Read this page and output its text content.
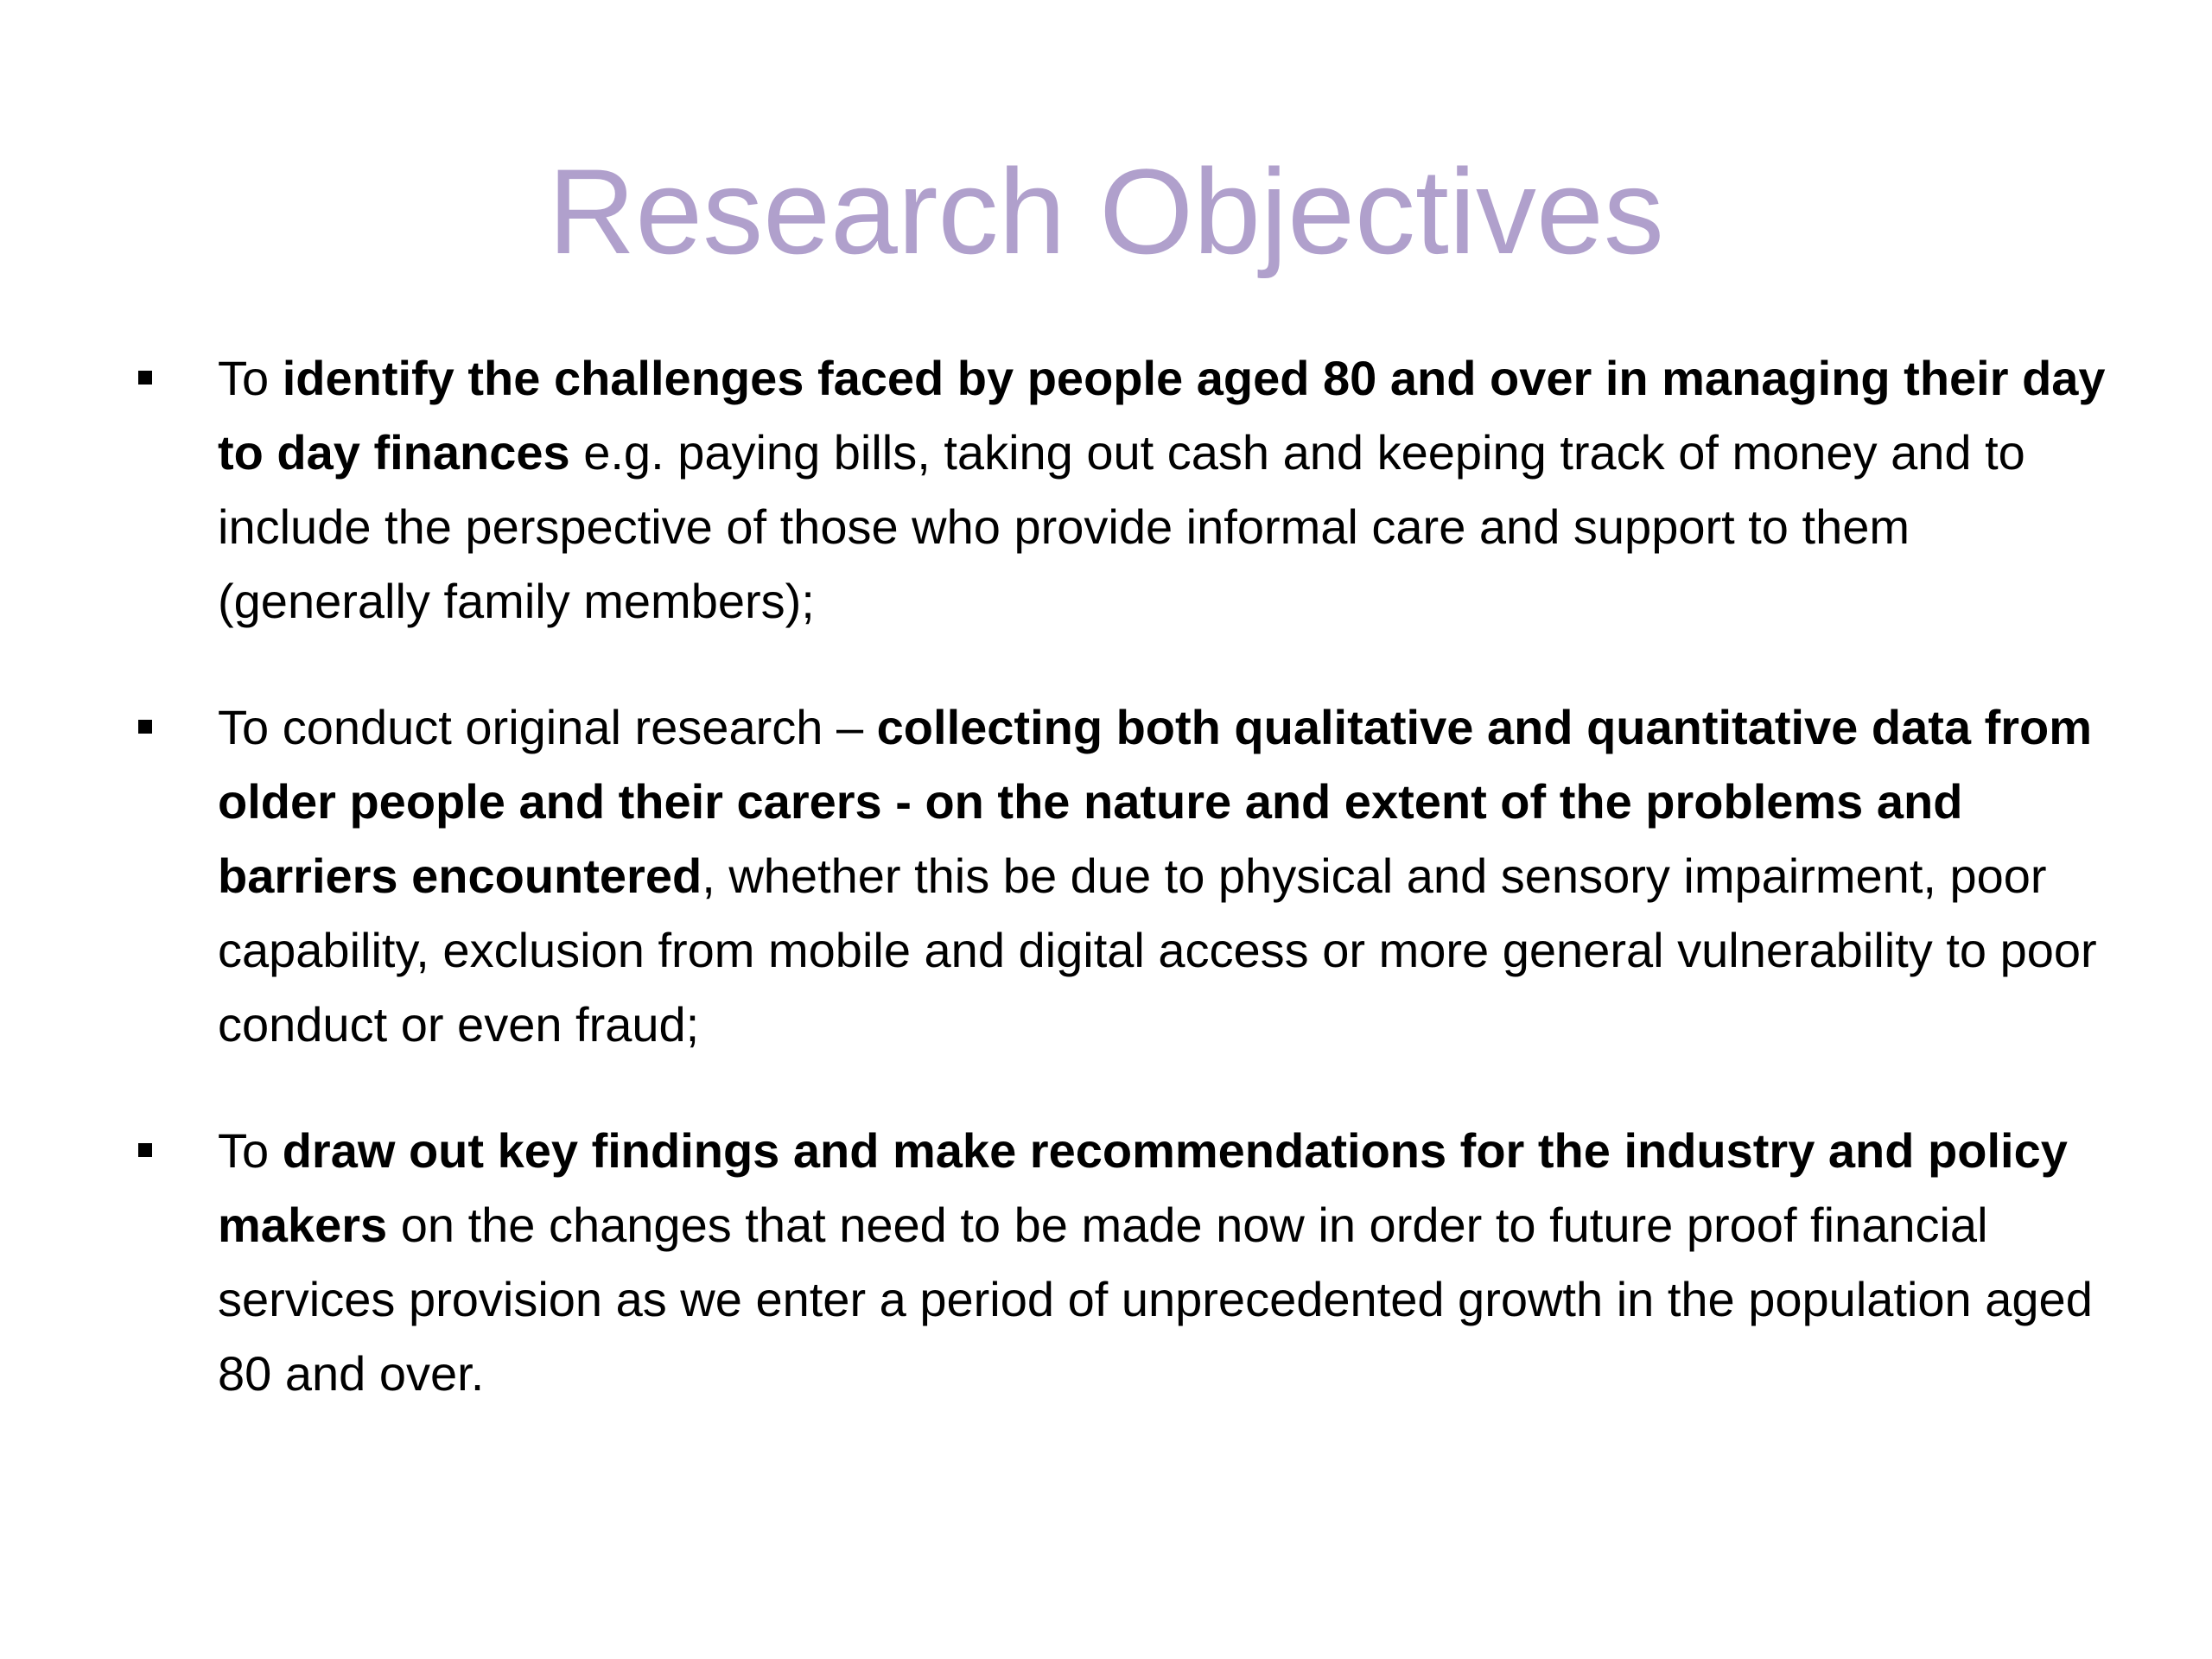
Research Objectives
To identify the challenges faced by people aged 80 and over in managing their day to day finances e.g. paying bills, taking out cash and keeping track of money and to include the perspective of those who provide informal care and support to them (generally family members);
To conduct original research – collecting both qualitative and quantitative data from older people and their carers - on the nature and extent of the problems and barriers encountered, whether this be due to physical and sensory impairment, poor capability, exclusion from mobile and digital access or more general vulnerability to poor conduct or even fraud;
To draw out key findings and make recommendations for the industry and policy makers on the changes that need to be made now in order to future proof financial services provision as we enter a period of unprecedented growth in the population aged 80 and over.
